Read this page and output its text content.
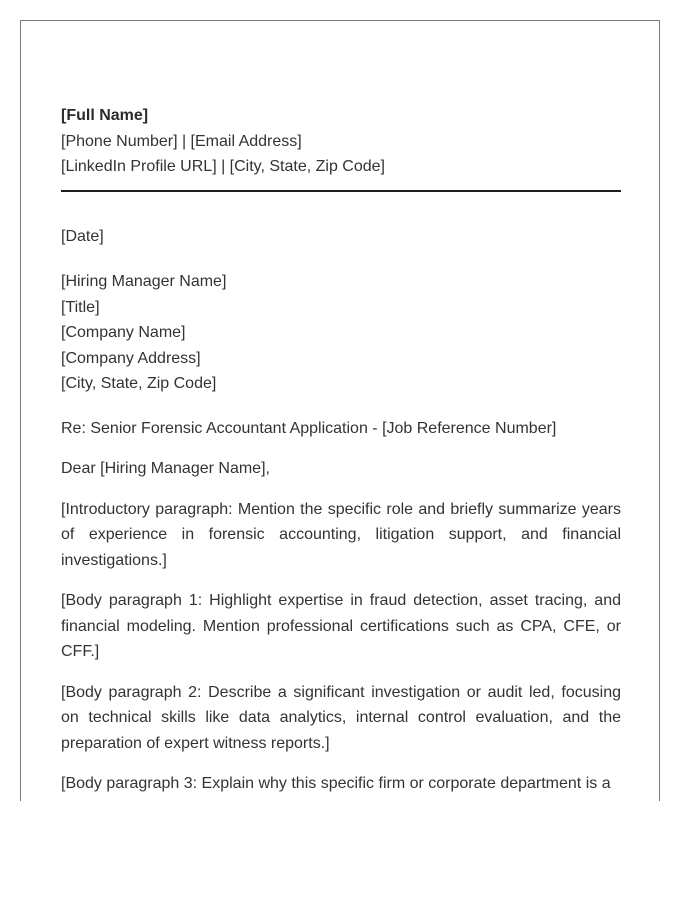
[Full Name]
[Phone Number] | [Email Address]
[LinkedIn Profile URL] | [City, State, Zip Code]
[Date]
[Hiring Manager Name]
[Title]
[Company Name]
[Company Address]
[City, State, Zip Code]
Re: Senior Forensic Accountant Application - [Job Reference Number]
Dear [Hiring Manager Name],
[Introductory paragraph: Mention the specific role and briefly summarize years of experience in forensic accounting, litigation support, and financial investigations.]
[Body paragraph 1: Highlight expertise in fraud detection, asset tracing, and financial modeling. Mention professional certifications such as CPA, CFE, or CFF.]
[Body paragraph 2: Describe a significant investigation or audit led, focusing on technical skills like data analytics, internal control evaluation, and the preparation of expert witness reports.]
[Body paragraph 3: Explain why this specific firm or corporate department is a
